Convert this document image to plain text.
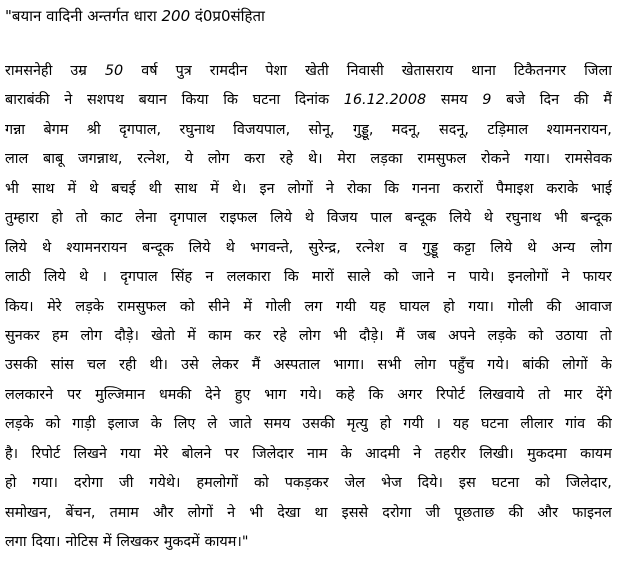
"बयान वादिनी अन्तर्गत धारा 200 दं0प्र0संहिता
रामसनेही उम्र 50 वर्ष पुत्र रामदीन पेशा खेती निवासी खेतासराय थाना टिकैतनगर जिला
बाराबंकी ने सशपथ बयान किया कि घटना दिनांक 16.12.2008 समय 9 बजे दिन की मैं
गन्ना बेगम श्री दृगपाल, रघुनाथ विजयपाल, सोनू, गुड्डू, मदनू, सदनू, टड़िमाल श्यामनरायन,
लाल बाबू जगन्नाथ, रत्नेश, ये लोग करा रहे थे। मेरा लड़का रामसुफल रोकने गया। रामसेवक
भी साथ में थे बचई थी साथ में थे। इन लोगों ने रोका कि गनना करारों पैमाइश कराके भाई
तुम्हारा हो तो काट लेना दृगपाल राइफल लिये थे विजय पाल बन्दूक लिये थे रघुनाथ भी बन्दूक
लिये थे श्यामनरायन बन्दूक लिये थे भगवन्ते, सुरेन्द्र, रत्नेश व गुड्डू कट्टा लिये थे अन्य लोग
लाठी लिये थे । दृगपाल सिंह न ललकारा कि मारों साले को जाने न पाये। इनलोगों ने फायर
किय। मेरे लड़के रामसुफल को सीने में गोली लग गयी यह घायल हो गया। गोली की आवाज
सुनकर हम लोग दौड़े। खेतो में काम कर रहे लोग भी दौड़े। मैं जब अपने लड़के को उठाया तो
उसकी सांस चल रही थी। उसे लेकर मैं अस्पताल भागा। सभी लोग पहुँच गये। बांकी लोगों के
ललकारने पर मुल्जिमान धमकी देने हुए भाग गये। कहे कि अगर रिपोर्ट लिखवाये तो मार देंगे
लड़के को गाड़ी इलाज के लिए ले जाते समय उसकी मृत्यु हो गयी । यह घटना लीलार गांव की
है। रिपोर्ट लिखने गया मेरे बोलने पर जिलेदार नाम के आदमी ने तहरीर लिखी। मुकदमा कायम
हो गया। दरोगा जी गयेथे। हमलोगों को पकड़कर जेल भेज दिये। इस घटना को जिलेदार,
समोखन, बेंचन, तमाम और लोगों ने भी देखा था इससे दरोगा जी पूछताछ की और फाइनल
लगा दिया। नोटिस में लिखकर मुकदमें कायम।"
